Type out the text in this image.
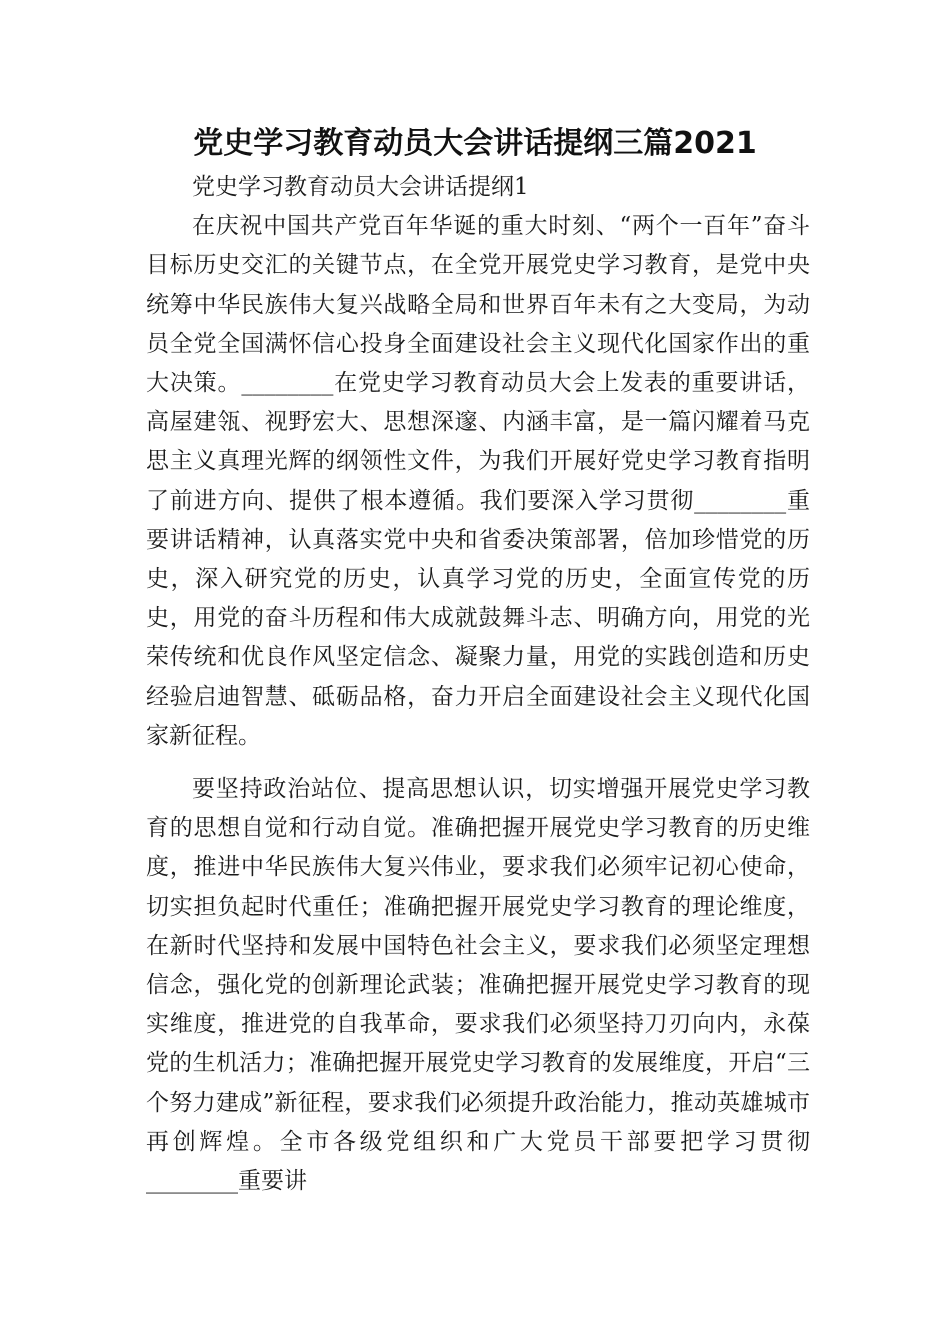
党史学习教育动员大会讲话提纲三篇2021

党史学习教育动员大会讲话提纲1

在庆祝中国共产党百年华诞的重大时刻、“两个一百年”奋斗目标历史交汇的关键节点，在全党开展党史学习教育，是党中央统筹中华民族伟大复兴战略全局和世界百年未有之大变局，为动员全党全国满怀信心投身全面建设社会主义现代化国家作出的重大决策。________在党史学习教育动员大会上发表的重要讲话，高屋建瓴、视野宏大、思想深邃、内涵丰富，是一篇闪耀着马克思主义真理光辉的纲领性文件，为我们开展好党史学习教育指明了前进方向、提供了根本遵循。我们要深入学习贯彻________重要讲话精神，认真落实党中央和省委决策部署，倍加珍惜党的历史，深入研究党的历史，认真学习党的历史，全面宣传党的历史，用党的奋斗历程和伟大成就鼓舞斗志、明确方向，用党的光荣传统和优良作风坚定信念、凝聚力量，用党的实践创造和历史经验启迪智慧、砥砺品格，奋力开启全面建设社会主义现代化国家新征程。

要坚持政治站位、提高思想认识，切实增强开展党史学习教育的思想自觉和行动自觉。准确把握开展党史学习教育的历史维度，推进中华民族伟大复兴伟业，要求我们必须牢记初心使命，切实担负起时代重任；准确把握开展党史学习教育的理论维度，在新时代坚持和发展中国特色社会主义，要求我们必须坚定理想信念，强化党的创新理论武装；准确把握开展党史学习教育的现实维度，推进党的自我革命，要求我们必须坚持刀刃向内，永葆党的生机活力；准确把握开展党史学习教育的发展维度，开启“三个努力建成”新征程，要求我们必须提升政治能力，推动英雄城市再创辉煌。全市各级党组织和广大党员干部要把学习贯彻________重要讲
